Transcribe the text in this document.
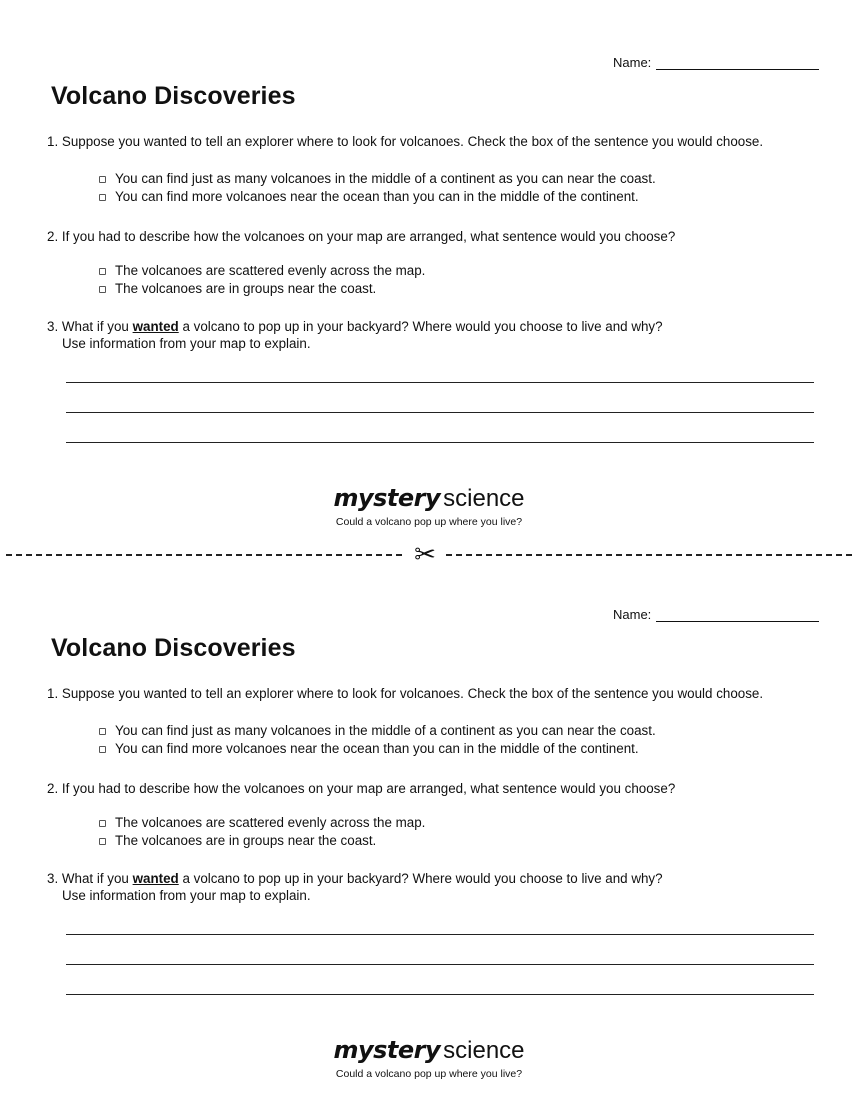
Name:
Volcano Discoveries

1. Suppose you wanted to tell an explorer where to look for volcanoes. Check the box of the sentence you would choose.

You can find just as many volcanoes in the middle of a continent as you can near the coast.
You can find more volcanoes near the ocean than you can in the middle of the continent.

2. If you had to describe how the volcanoes on your map are arranged, what sentence would you choose?

The volcanoes are scattered evenly across the map.
The volcanoes are in groups near the coast.

3. What if you wanted a volcano to pop up in your backyard? Where would you choose to live and why?
Use information from your map to explain.

mystery science
Could a volcano pop up where you live?
✂
Name:
Volcano Discoveries

1. Suppose you wanted to tell an explorer where to look for volcanoes. Check the box of the sentence you would choose.

You can find just as many volcanoes in the middle of a continent as you can near the coast.
You can find more volcanoes near the ocean than you can in the middle of the continent.

2. If you had to describe how the volcanoes on your map are arranged, what sentence would you choose?

The volcanoes are scattered evenly across the map.
The volcanoes are in groups near the coast.

3. What if you wanted a volcano to pop up in your backyard? Where would you choose to live and why?
Use information from your map to explain.

mystery science
Could a volcano pop up where you live?
